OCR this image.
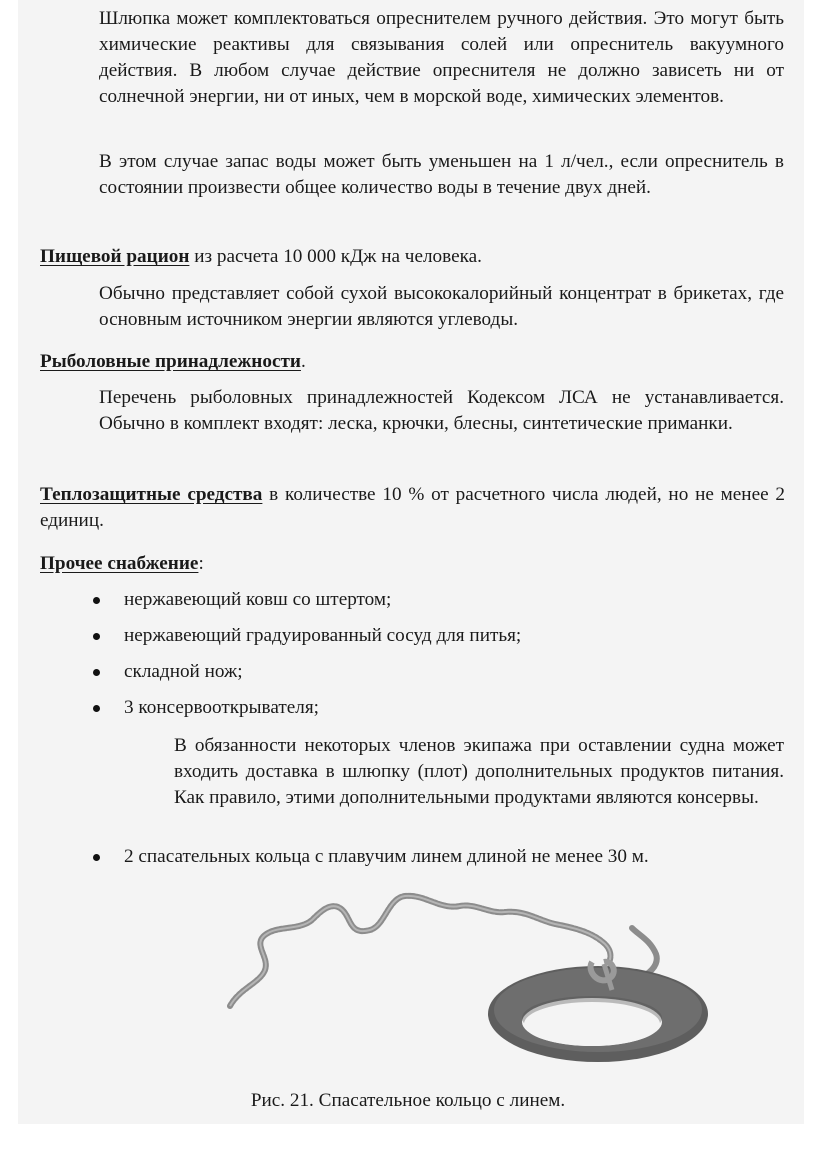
Шлюпка может комплектоваться опреснителем ручного действия. Это могут быть химические реактивы для связывания солей или опреснитель вакуумного действия. В любом случае действие опреснителя не должно зависеть ни от солнечной энергии, ни от иных, чем в морской воде, химических элементов.
В этом случае запас воды может быть уменьшен на 1 л/чел., если опреснитель в состоянии произвести общее количество воды в течение двух дней.
Пищевой рацион из расчета 10 000 кДж на человека.
Обычно представляет собой сухой высококалорийный концентрат в брикетах, где основным источником энергии являются углеводы.
Рыболовные принадлежности.
Перечень рыболовных принадлежностей Кодексом ЛСА не устанавливается. Обычно в комплект входят: леска, крючки, блесны, синтетические приманки.
Теплозащитные средства в количестве 10 % от расчетного числа людей, но не менее 2 единиц.
Прочее снабжение:
нержавеющий ковш со штертом;
нержавеющий градуированный сосуд для питья;
складной нож;
3 консервооткрывателя;
В обязанности некоторых членов экипажа при оставлении судна может входить доставка в шлюпку (плот) дополнительных продуктов питания. Как правило, этими дополнительными продуктами являются консервы.
2 спасательных кольца с плавучим линем длиной не менее 30 м.
Рис. 21. Спасательное кольцо с линем.
